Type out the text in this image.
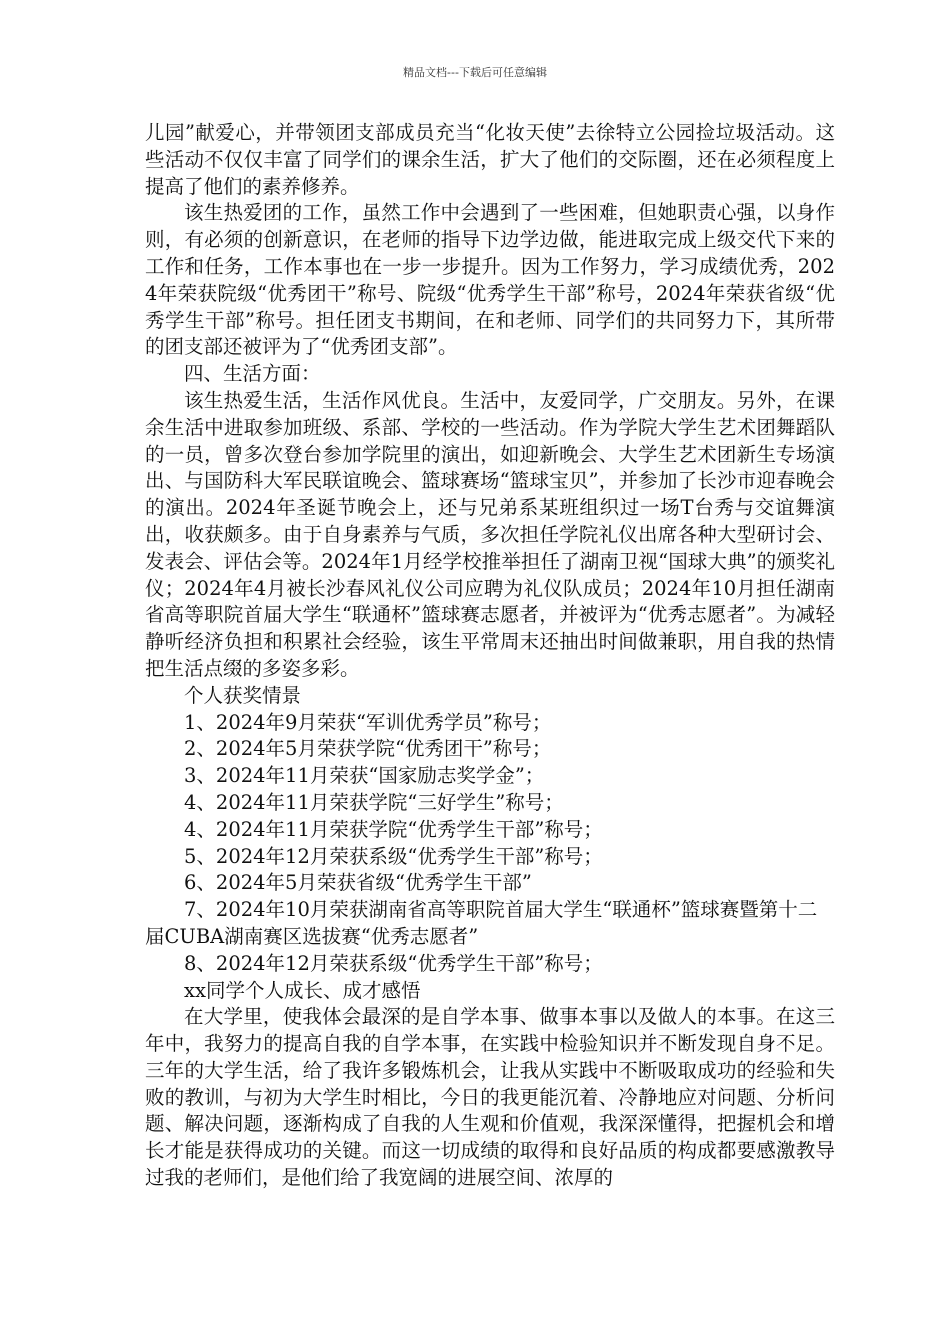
精品文档---下载后可任意编辑

儿园”献爱心，并带领团支部成员充当“化妆天使”去徐特立公园捡垃圾活动。这些活动不仅仅丰富了同学们的课余生活，扩大了他们的交际圈，还在必须程度上提高了他们的素养修养。

该生热爱团的工作，虽然工作中会遇到了一些困难，但她职责心强，以身作则，有必须的创新意识，在老师的指导下边学边做，能进取完成上级交代下来的工作和任务，工作本事也在一步一步提升。因为工作努力，学习成绩优秀，2024年荣获院级“优秀团干”称号、院级“优秀学生干部”称号，2024年荣获省级“优秀学生干部”称号。担任团支书期间，在和老师、同学们的共同努力下，其所带的团支部还被评为了“优秀团支部”。

四、生活方面：

该生热爱生活，生活作风优良。生活中，友爱同学，广交朋友。另外，在课余生活中进取参加班级、系部、学校的一些活动。作为学院大学生艺术团舞蹈队的一员，曾多次登台参加学院里的演出，如迎新晚会、大学生艺术团新生专场演出、与国防科大军民联谊晚会、篮球赛场“篮球宝贝”，并参加了长沙市迎春晚会的演出。2024年圣诞节晚会上，还与兄弟系某班组织过一场T台秀与交谊舞演出，收获颇多。由于自身素养与气质，多次担任学院礼仪出席各种大型研讨会、发表会、评估会等。2024年1月经学校推举担任了湖南卫视“国球大典”的颁奖礼仪；2024年4月被长沙春风礼仪公司应聘为礼仪队成员；2024年10月担任湖南省高等职院首届大学生“联通杯”篮球赛志愿者，并被评为“优秀志愿者”。为减轻静听经济负担和积累社会经验，该生平常周末还抽出时间做兼职，用自我的热情把生活点缀的多姿多彩。

个人获奖情景

1、2024年9月荣获“军训优秀学员”称号；

2、2024年5月荣获学院“优秀团干”称号；

3、2024年11月荣获“国家励志奖学金”；

4、2024年11月荣获学院“三好学生”称号；

4、2024年11月荣获学院“优秀学生干部”称号；

5、2024年12月荣获系级“优秀学生干部”称号；

6、2024年5月荣获省级“优秀学生干部”

7、2024年10月荣获湖南省高等职院首届大学生“联通杯”篮球赛暨第十二届CUBA湖南赛区选拔赛“优秀志愿者”

8、2024年12月荣获系级“优秀学生干部”称号；

xx同学个人成长、成才感悟

在大学里，使我体会最深的是自学本事、做事本事以及做人的本事。在这三年中，我努力的提高自我的自学本事，在实践中检验知识并不断发现自身不足。三年的大学生活，给了我许多锻炼机会，让我从实践中不断吸取成功的经验和失败的教训，与初为大学生时相比，今日的我更能沉着、冷静地应对问题、分析问题、解决问题，逐渐构成了自我的人生观和价值观，我深深懂得，把握机会和增长才能是获得成功的关键。而这一切成绩的取得和良好品质的构成都要感激教导过我的老师们，是他们给了我宽阔的进展空间、浓厚的
